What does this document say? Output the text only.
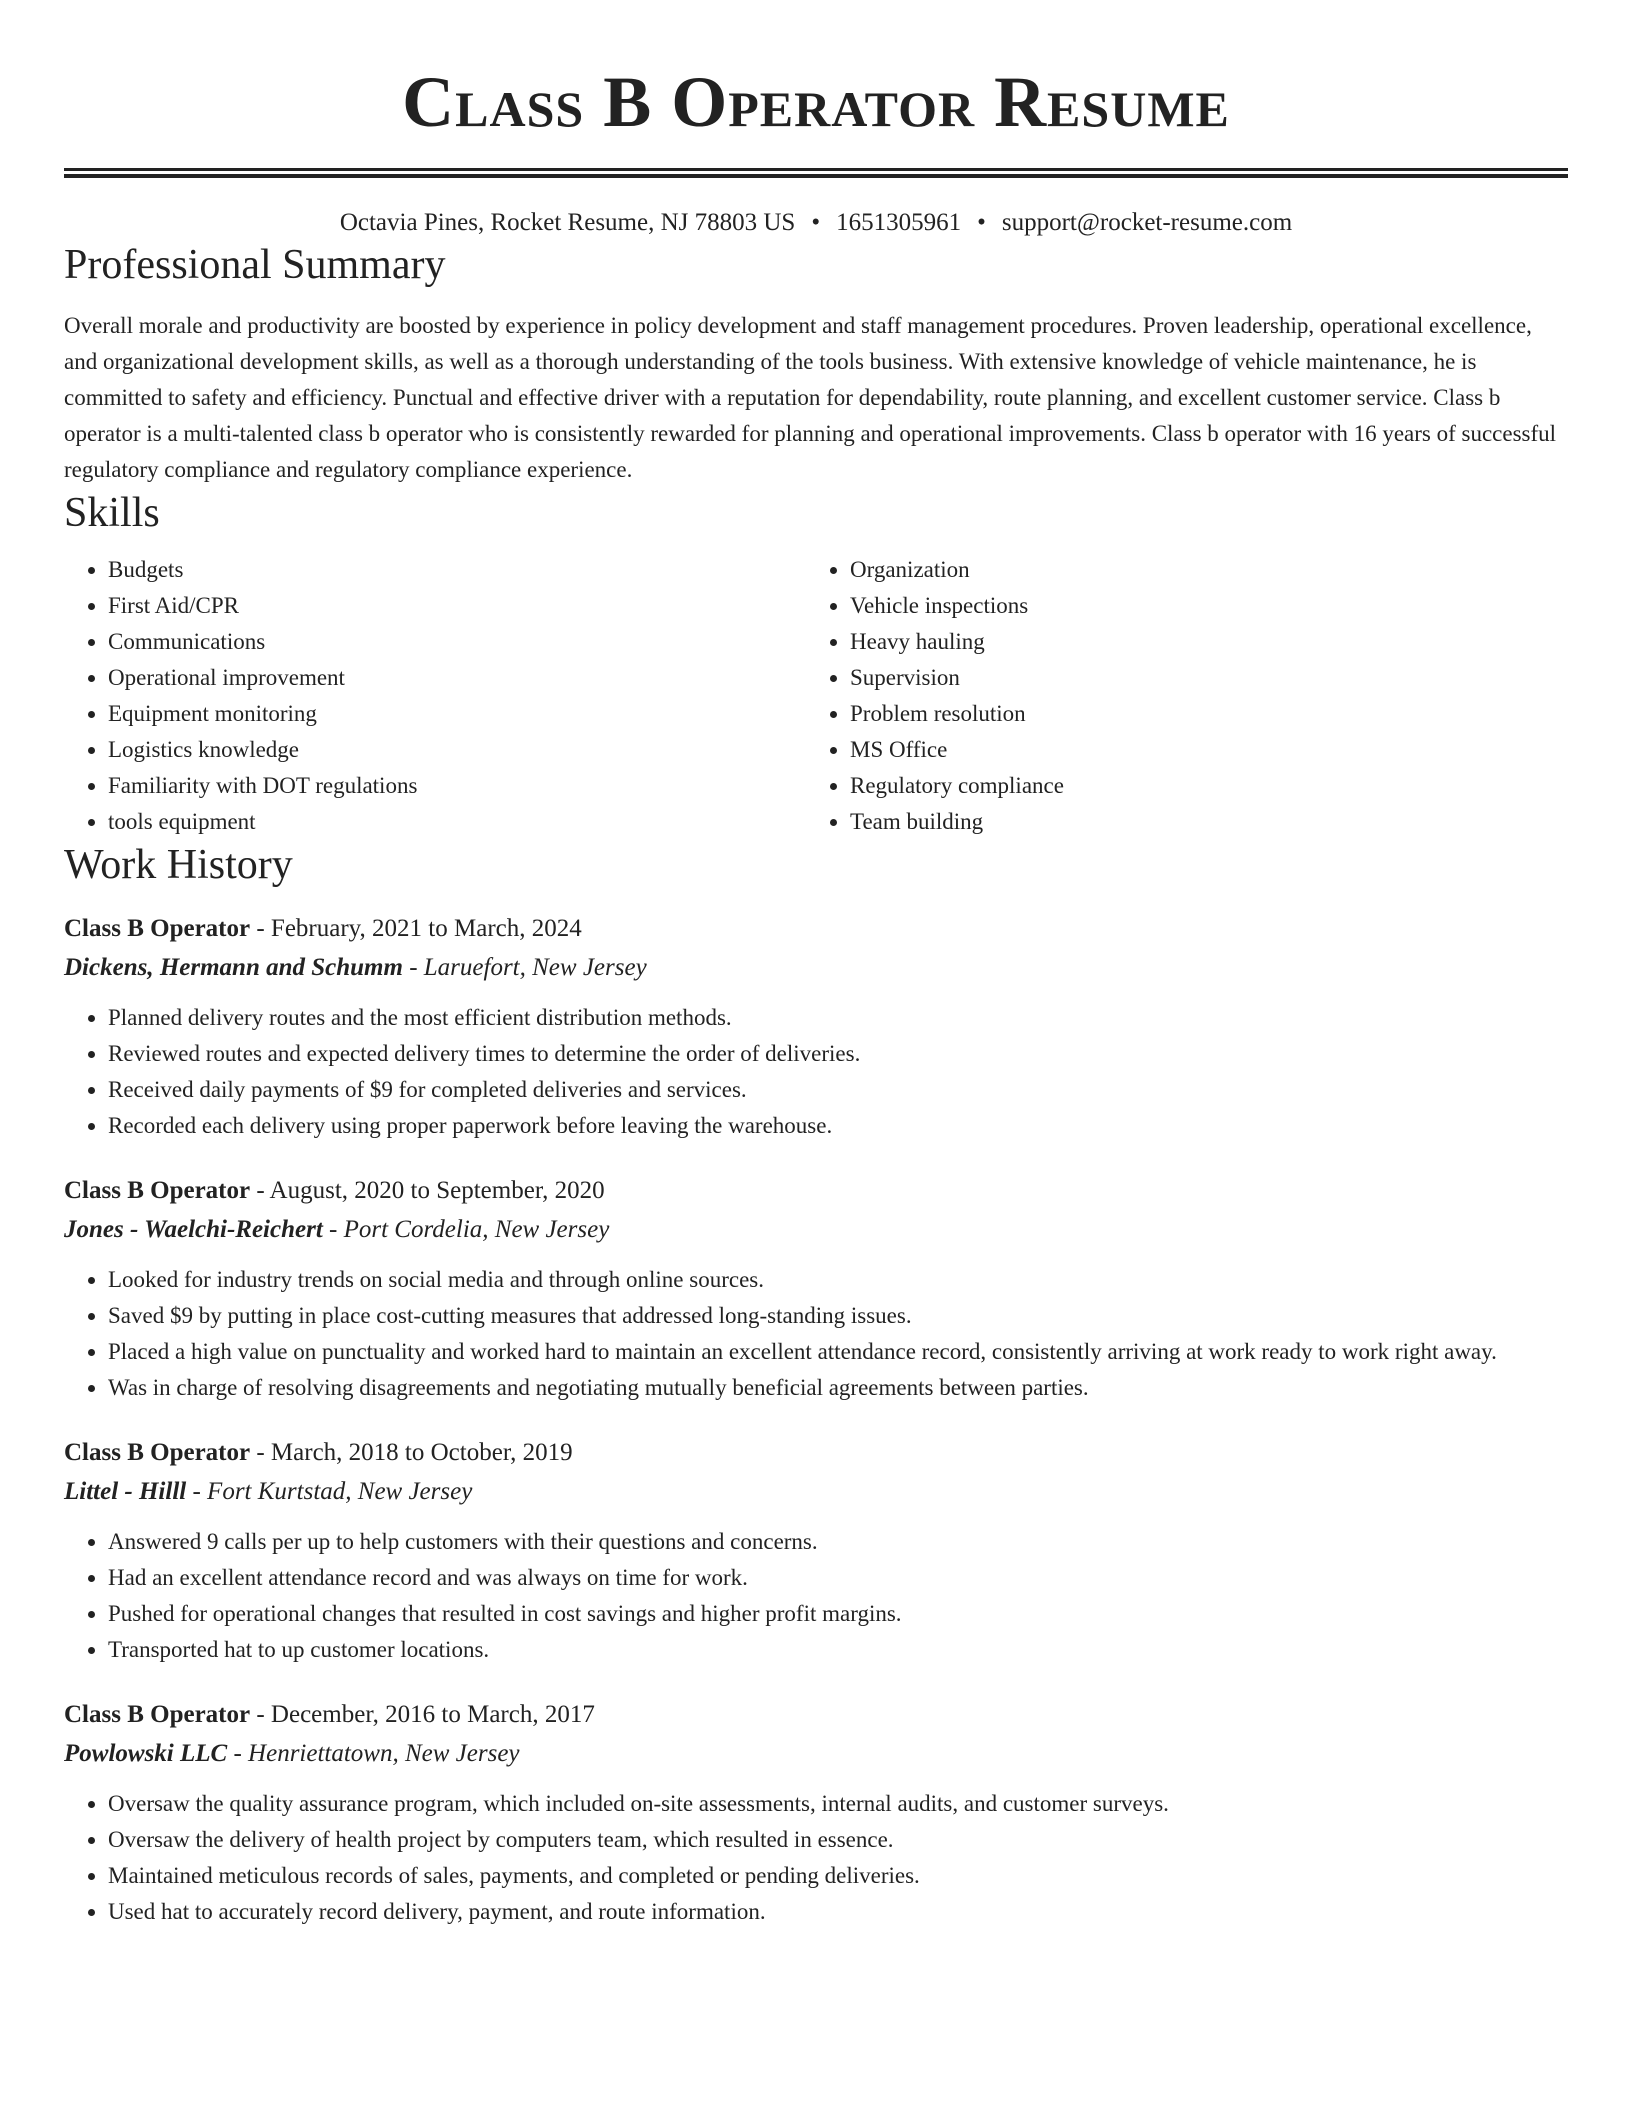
Class B Operator Resume
Octavia Pines, Rocket Resume, NJ 78803 US • 1651305961 • support@rocket-resume.com
Professional Summary

Overall morale and productivity are boosted by experience in policy development and staff management procedures. Proven leadership, operational excellence, and organizational development skills, as well as a thorough understanding of the tools business. With extensive knowledge of vehicle maintenance, he is committed to safety and efficiency. Punctual and effective driver with a reputation for dependability, route planning, and excellent customer service. Class b operator is a multi-talented class b operator who is consistently rewarded for planning and operational improvements. Class b operator with 16 years of successful regulatory compliance and regulatory compliance experience.

Skills
• Budgets
• First Aid/CPR
• Communications
• Operational improvement
• Equipment monitoring
• Logistics knowledge
• Familiarity with DOT regulations
• tools equipment
• Organization
• Vehicle inspections
• Heavy hauling
• Supervision
• Problem resolution
• MS Office
• Regulatory compliance
• Team building
Work History
Class B Operator - February, 2021 to March, 2024
Dickens, Hermann and Schumm - Laruefort, New Jersey
• Planned delivery routes and the most efficient distribution methods.
• Reviewed routes and expected delivery times to determine the order of deliveries.
• Received daily payments of $9 for completed deliveries and services.
• Recorded each delivery using proper paperwork before leaving the warehouse.
Class B Operator - August, 2020 to September, 2020
Jones - Waelchi-Reichert - Port Cordelia, New Jersey
• Looked for industry trends on social media and through online sources.
• Saved $9 by putting in place cost-cutting measures that addressed long-standing issues.
• Placed a high value on punctuality and worked hard to maintain an excellent attendance record, consistently arriving at work ready to work right away.
• Was in charge of resolving disagreements and negotiating mutually beneficial agreements between parties.
Class B Operator - March, 2018 to October, 2019
Littel - Hilll - Fort Kurtstad, New Jersey
• Answered 9 calls per up to help customers with their questions and concerns.
• Had an excellent attendance record and was always on time for work.
• Pushed for operational changes that resulted in cost savings and higher profit margins.
• Transported hat to up customer locations.
Class B Operator - December, 2016 to March, 2017
Powlowski LLC - Henriettatown, New Jersey
• Oversaw the quality assurance program, which included on-site assessments, internal audits, and customer surveys.
• Oversaw the delivery of health project by computers team, which resulted in essence.
• Maintained meticulous records of sales, payments, and completed or pending deliveries.
• Used hat to accurately record delivery, payment, and route information.
